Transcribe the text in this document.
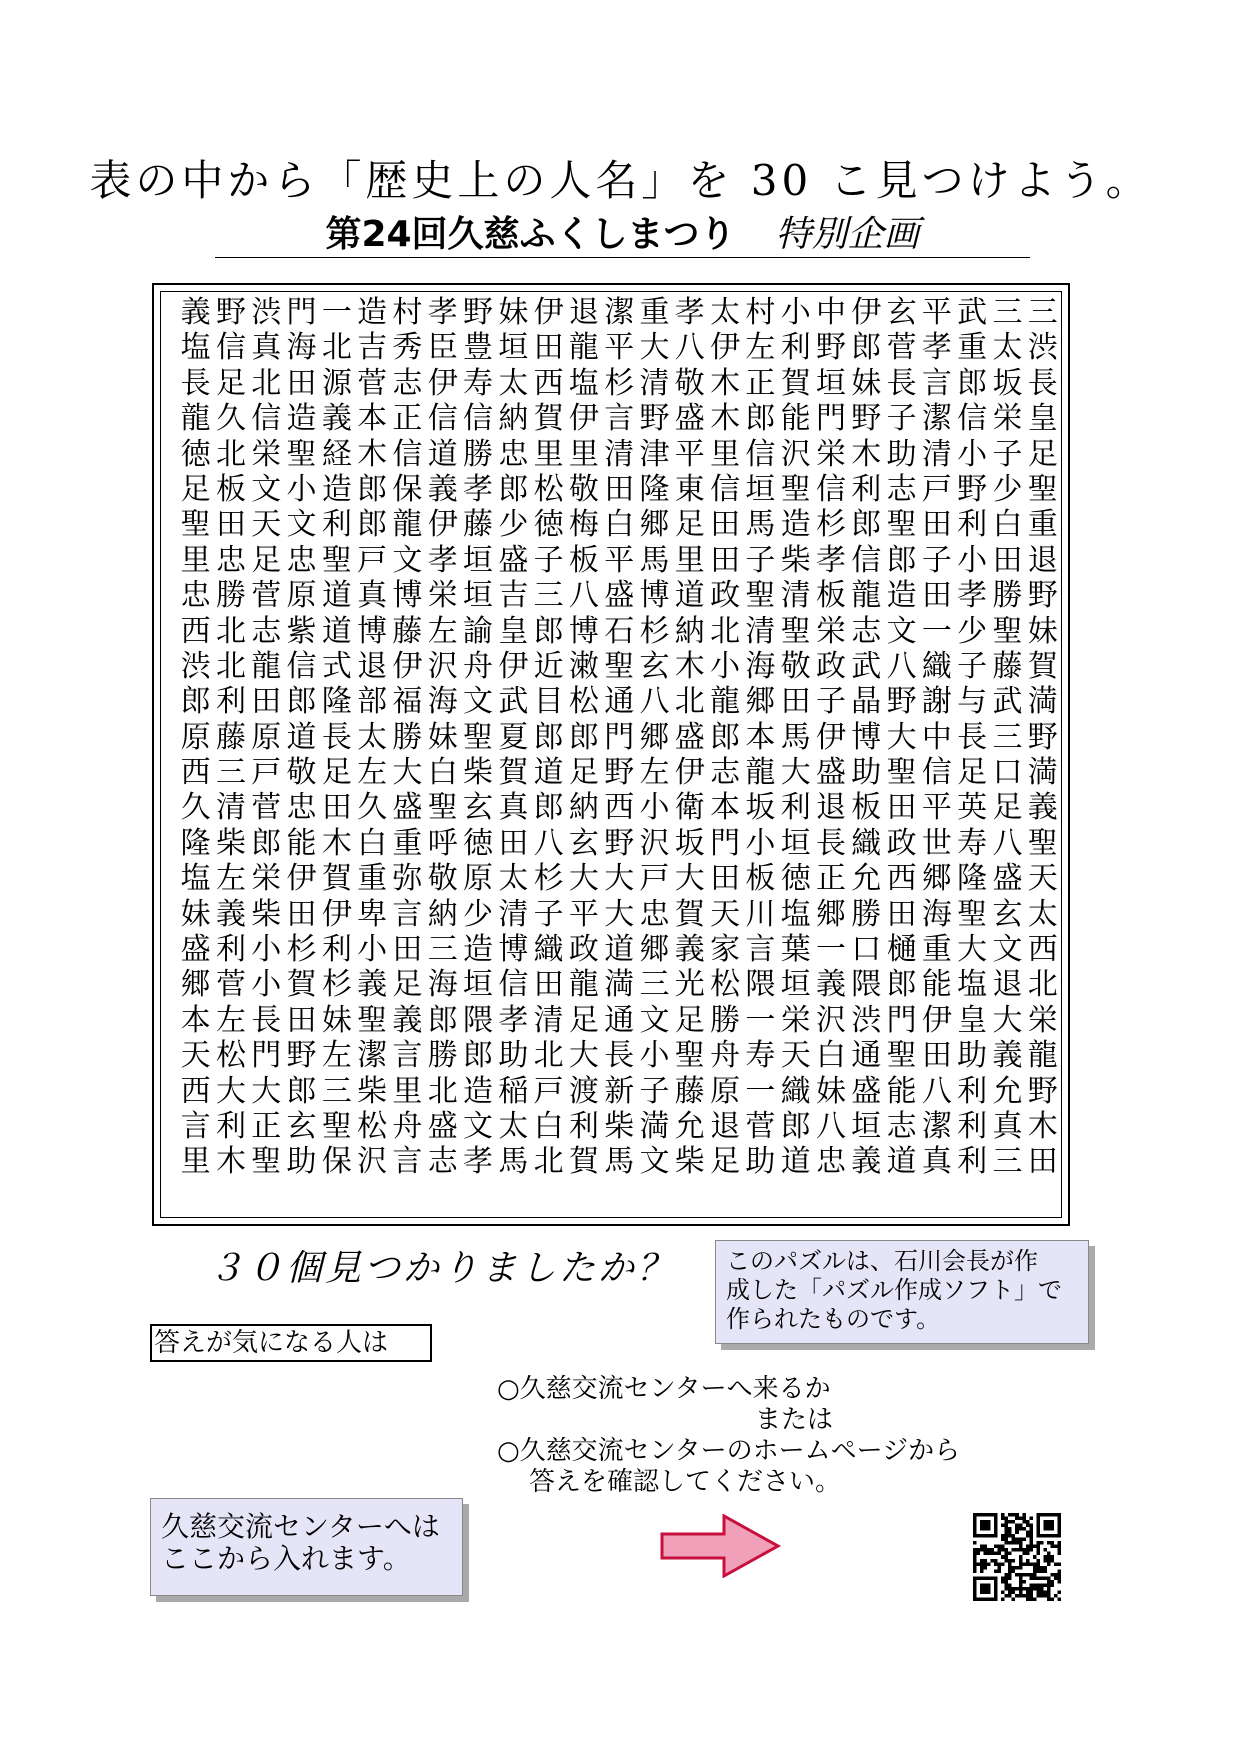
表の中から「歴史上の人名」を 30 こ見つけよう。
第24回久慈ふくしまつり 特別企画
義 野 渋 門 一 造 村 孝 野 妹 伊 退 潔 重 孝 太 村 小 中 伊 玄 平 武 三 三
塩 信 真 海 北 吉 秀 臣 豊 垣 田 龍 平 大 八 伊 左 利 野 郎 菅 孝 重 太 渋
長 足 北 田 源 菅 志 伊 寿 太 西 塩 杉 清 敬 木 正 賀 垣 妹 長 言 郎 坂 長
龍 久 信 造 義 本 正 信 信 納 賀 伊 言 野 盛 木 郎 能 門 野 子 潔 信 栄 皇
徳 北 栄 聖 経 木 信 道 勝 忠 里 里 清 津 平 里 信 沢 栄 木 助 清 小 子 足
足 板 文 小 造 郎 保 義 孝 郎 松 敬 田 隆 東 信 垣 聖 信 利 志 戸 野 少 聖
聖 田 天 文 利 郎 龍 伊 藤 少 徳 梅 白 郷 足 田 馬 造 杉 郎 聖 田 利 白 重
里 忠 足 忠 聖 戸 文 孝 垣 盛 子 板 平 馬 里 田 子 柴 孝 信 郎 子 小 田 退
忠 勝 菅 原 道 真 博 栄 垣 吉 三 八 盛 博 道 政 聖 清 板 龍 造 田 孝 勝 野
西 北 志 紫 道 博 藤 左 諭 皇 郎 博 石 杉 納 北 清 聖 栄 志 文 一 少 聖 妹
渋 北 龍 信 式 退 伊 沢 舟 伊 近 潄 聖 玄 木 小 海 敬 政 武 八 織 子 藤 賀
郎 利 田 郎 隆 部 福 海 文 武 目 松 通 八 北 龍 郷 田 子 晶 野 謝 与 武 満
原 藤 原 道 長 太 勝 妹 聖 夏 郎 郎 門 郷 盛 郎 本 馬 伊 博 大 中 長 三 野
西 三 戸 敬 足 左 大 白 柴 賀 道 足 野 左 伊 志 龍 大 盛 助 聖 信 足 口 満
久 清 菅 忠 田 久 盛 聖 玄 真 郎 納 西 小 衛 本 坂 利 退 板 田 平 英 足 義
隆 柴 郎 能 木 白 重 呼 徳 田 八 玄 野 沢 坂 門 小 垣 長 織 政 世 寿 八 聖
塩 左 栄 伊 賀 重 弥 敬 原 太 杉 大 大 戸 大 田 板 徳 正 允 西 郷 隆 盛 天
妹 義 柴 田 伊 卑 言 納 少 清 子 平 大 忠 賀 天 川 塩 郷 勝 田 海 聖 玄 太
盛 利 小 杉 利 小 田 三 造 博 織 政 道 郷 義 家 言 葉 一 口 樋 重 大 文 西
郷 菅 小 賀 杉 義 足 海 垣 信 田 龍 満 三 光 松 隈 垣 義 隈 郎 能 塩 退 北
本 左 長 田 妹 聖 義 郎 隈 孝 清 足 通 文 足 勝 一 栄 沢 渋 門 伊 皇 大 栄
天 松 門 野 左 潔 言 勝 郎 助 北 大 長 小 聖 舟 寿 天 白 通 聖 田 助 義 龍
西 大 大 郎 三 柴 里 北 造 稲 戸 渡 新 子 藤 原 一 織 妹 盛 能 八 利 允 野
言 利 正 玄 聖 松 舟 盛 文 太 白 利 柴 満 允 退 菅 郎 八 垣 志 潔 利 真 木
里 木 聖 助 保 沢 言 志 孝 馬 北 賀 馬 文 柴 足 助 道 忠 義 道 真 利 三 田
３０個見つかりましたか？ このパズルは、石川会長が作
成した「パズル作成ソフト」で
作られたものです。
答えが気になる人は
○久慈交流センターへ来るか
または
○久慈交流センターのホームページから
答えを確認してください。
久慈交流センターへは
ここから入れます。
